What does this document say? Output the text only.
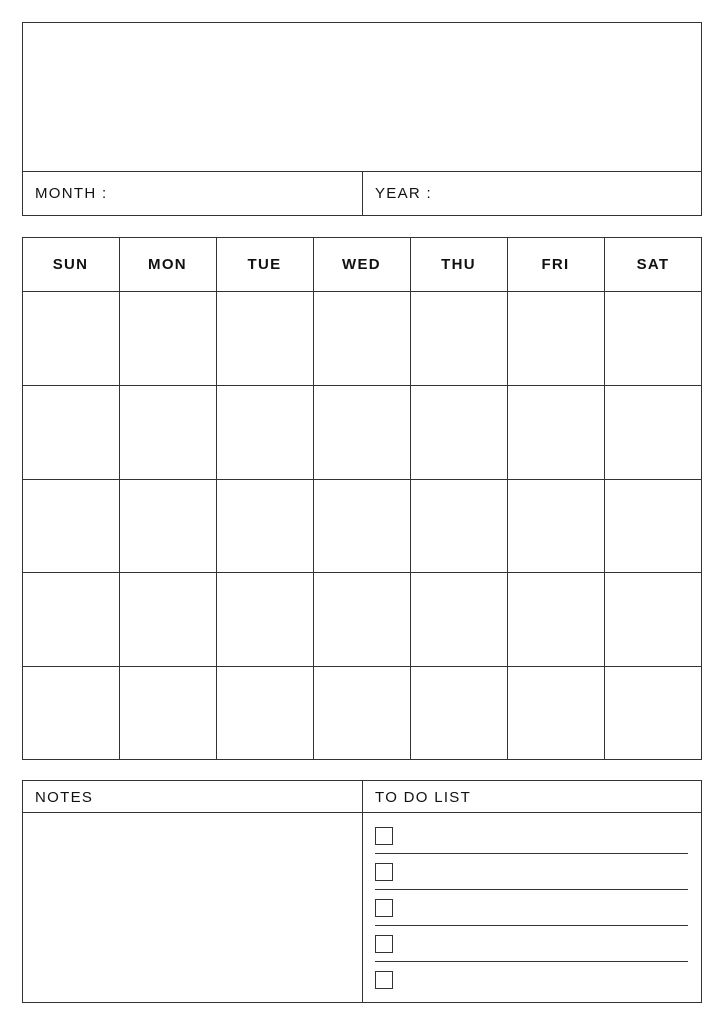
MONTH :	YEAR :
SUN	MON	TUE	WED	THU	FRI	SAT
NOTES	TO DO LIST
